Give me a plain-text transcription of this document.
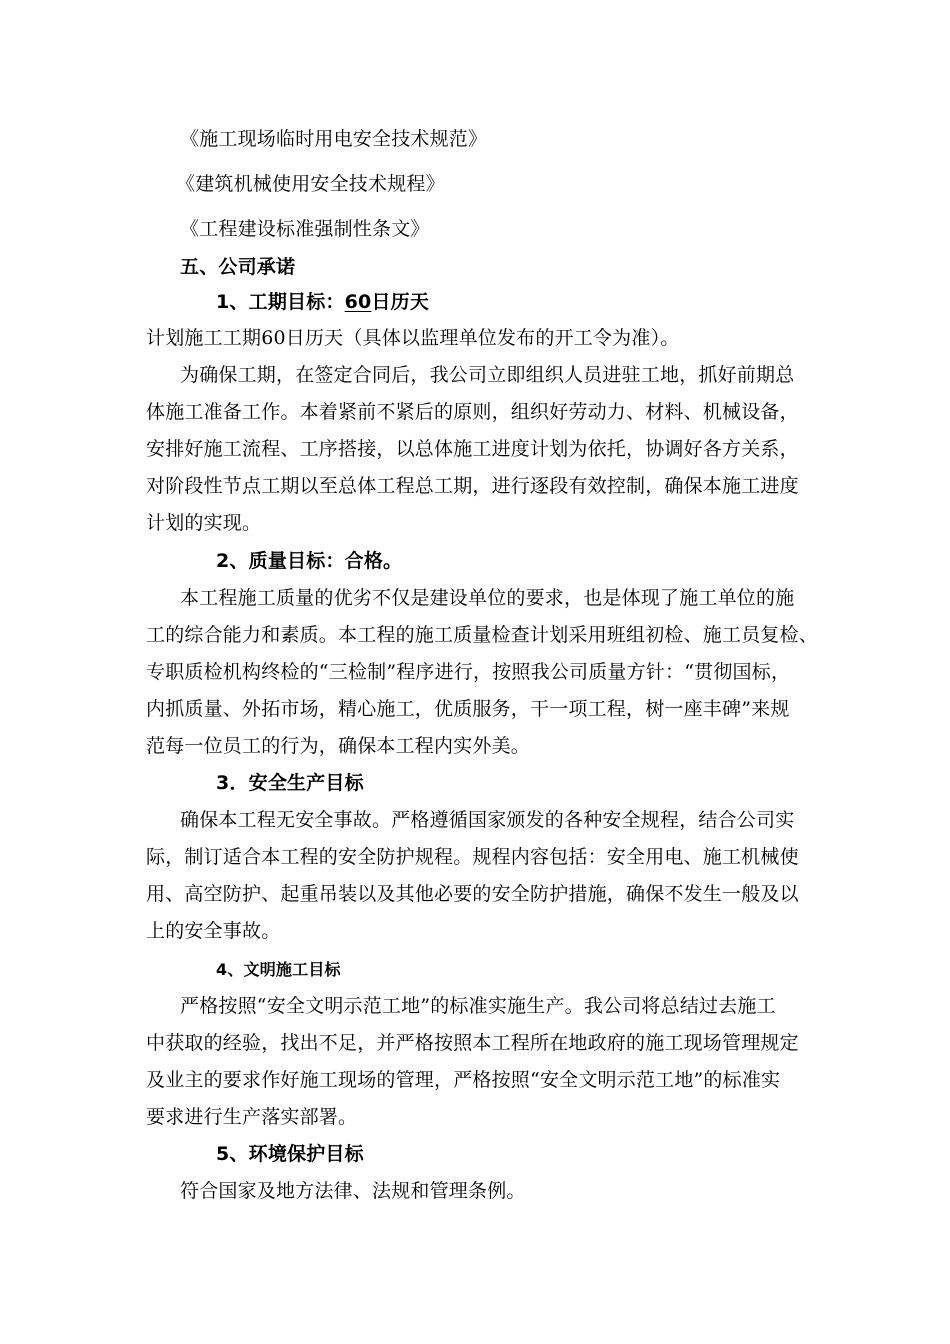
《施工现场临时用电安全技术规范》
《建筑机械使用安全技术规程》
《工程建设标准强制性条文》
五、公司承诺
1、工期目标：60日历天
计划施工工期60日历天（具体以监理单位发布的开工令为准）。
为确保工期，在签定合同后，我公司立即组织人员进驻工地，抓好前期总
体施工准备工作。本着紧前不紧后的原则，组织好劳动力、材料、机械设备，
安排好施工流程、工序搭接，以总体施工进度计划为依托，协调好各方关系，
对阶段性节点工期以至总体工程总工期，进行逐段有效控制，确保本施工进度
计划的实现。
2、质量目标：合格。
本工程施工质量的优劣不仅是建设单位的要求，也是体现了施工单位的施
工的综合能力和素质。本工程的施工质量检查计划采用班组初检、施工员复检、
专职质检机构终检的“三检制”程序进行，按照我公司质量方针：“贯彻国标，
内抓质量、外拓市场，精心施工，优质服务，干一项工程，树一座丰碑”来规
范每一位员工的行为，确保本工程内实外美。
3．安全生产目标
确保本工程无安全事故。严格遵循国家颁发的各种安全规程，结合公司实
际，制订适合本工程的安全防护规程。规程内容包括：安全用电、施工机械使
用、高空防护、起重吊装以及其他必要的安全防护措施，确保不发生一般及以
上的安全事故。
4、文明施工目标
严格按照“安全文明示范工地”的标准实施生产。我公司将总结过去施工
中获取的经验，找出不足，并严格按照本工程所在地政府的施工现场管理规定
及业主的要求作好施工现场的管理，严格按照“安全文明示范工地”的标准实
要求进行生产落实部署。
5、环境保护目标
符合国家及地方法律、法规和管理条例。
